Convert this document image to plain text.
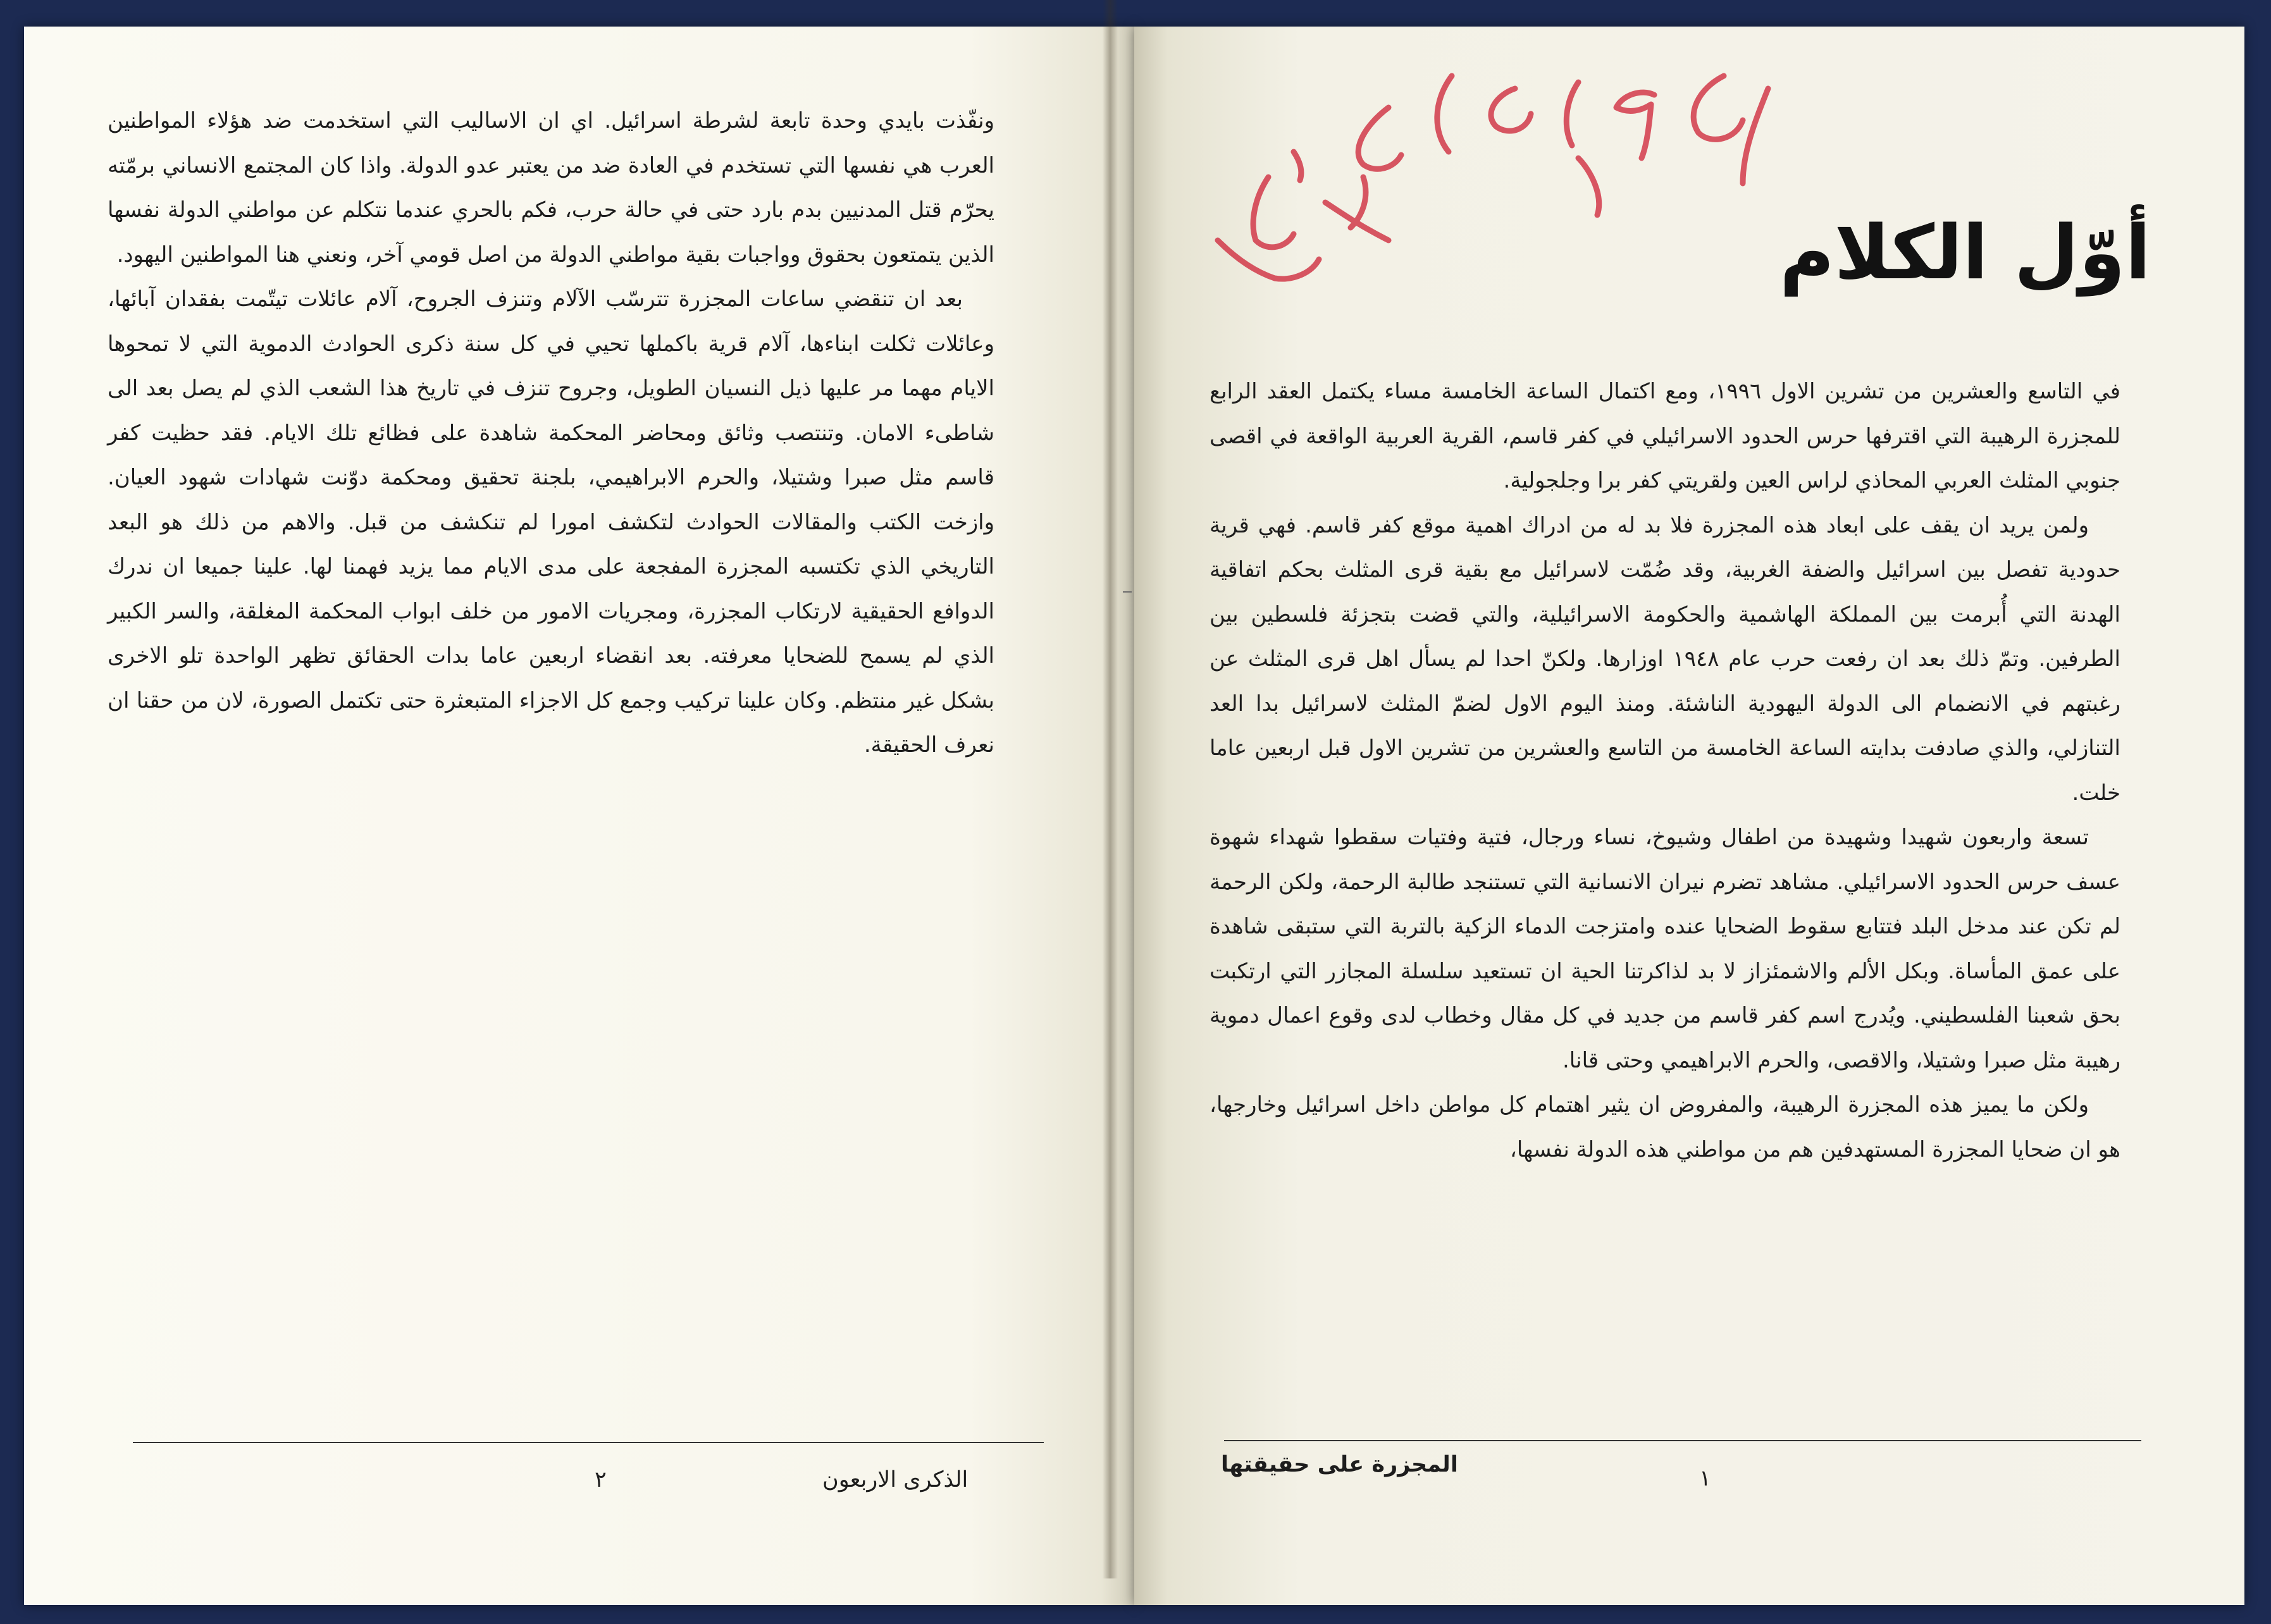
ونفّذت بايدي وحدة تابعة لشرطة اسرائيل. اي ان الاساليب التي استخدمت ضد هؤلاء المواطنين العرب هي نفسها التي تستخدم في العادة ضد من يعتبر عدو الدولة. واذا كان المجتمع الانساني برمّته يحرّم قتل المدنيين بدم بارد حتى في حالة حرب، فكم بالحري عندما نتكلم عن مواطني الدولة نفسها الذين يتمتعون بحقوق وواجبات بقية مواطني الدولة من اصل قومي آخر، ونعني هنا المواطنين اليهود.

بعد ان تنقضي ساعات المجزرة تترسّب الآلام وتنزف الجروح، آلام عائلات تيتّمت بفقدان آبائها، وعائلات ثكلت ابناءها، آلام قرية باكملها تحيي في كل سنة ذكرى الحوادث الدموية التي لا تمحوها الايام مهما مر عليها ذيل النسيان الطويل، وجروح تنزف في تاريخ هذا الشعب الذي لم يصل بعد الى شاطىء الامان. وتنتصب وثائق ومحاضر المحكمة شاهدة على فظائع تلك الايام. فقد حظيت كفر قاسم مثل صبرا وشتيلا، والحرم الابراهيمي، بلجنة تحقيق ومحكمة دوّنت شهادات شهود العيان. وازخت الكتب والمقالات الحوادث لتكشف امورا لم تنكشف من قبل. والاهم من ذلك هو البعد التاريخي الذي تكتسبه المجزرة المفجعة على مدى الايام مما يزيد فهمنا لها. علينا جميعا ان ندرك الدوافع الحقيقية لارتكاب المجزرة، ومجريات الامور من خلف ابواب المحكمة المغلقة، والسر الكبير الذي لم يسمح للضحايا معرفته. بعد انقضاء اربعين عاما بدات الحقائق تظهر الواحدة تلو الاخرى بشكل غير منتظم. وكان علينا تركيب وجمع كل الاجزاء المتبعثرة حتى تكتمل الصورة، لان من حقنا ان نعرف الحقيقة.

الذكرى الاربعون
٢
أوّل الكلام

في التاسع والعشرين من تشرين الاول ١٩٩٦، ومع اكتمال الساعة الخامسة مساء يكتمل العقد الرابع للمجزرة الرهيبة التي اقترفها حرس الحدود الاسرائيلي في كفر قاسم، القرية العربية الواقعة في اقصى جنوبي المثلث العربي المحاذي لراس العين ولقريتي كفر برا وجلجولية.

ولمن يريد ان يقف على ابعاد هذه المجزرة فلا بد له من ادراك اهمية موقع كفر قاسم. فهي قرية حدودية تفصل بين اسرائيل والضفة الغربية، وقد ضُمّت لاسرائيل مع بقية قرى المثلث بحكم اتفاقية الهدنة التي أُبرمت بين المملكة الهاشمية والحكومة الاسرائيلية، والتي قضت بتجزئة فلسطين بين الطرفين. وتمّ ذلك بعد ان رفعت حرب عام ١٩٤٨ اوزارها. ولكنّ احدا لم يسأل اهل قرى المثلث عن رغبتهم في الانضمام الى الدولة اليهودية الناشئة. ومنذ اليوم الاول لضمّ المثلث لاسرائيل بدا العد التنازلي، والذي صادفت بدايته الساعة الخامسة من التاسع والعشرين من تشرين الاول قبل اربعين عاما خلت.

تسعة واربعون شهيدا وشهيدة من اطفال وشيوخ، نساء ورجال، فتية وفتيات سقطوا شهداء شهوة عسف حرس الحدود الاسرائيلي. مشاهد تضرم نيران الانسانية التي تستنجد طالبة الرحمة، ولكن الرحمة لم تكن عند مدخل البلد فتتابع سقوط الضحايا عنده وامتزجت الدماء الزكية بالتربة التي ستبقى شاهدة على عمق المأساة. وبكل الألم والاشمئزاز لا بد لذاكرتنا الحية ان تستعيد سلسلة المجازر التي ارتكبت بحق شعبنا الفلسطيني. ويُدرج اسم كفر قاسم من جديد في كل مقال وخطاب لدى وقوع اعمال دموية رهيبة مثل صبرا وشتيلا، والاقصى، والحرم الابراهيمي وحتى قانا.

ولكن ما يميز هذه المجزرة الرهيبة، والمفروض ان يثير اهتمام كل مواطن داخل اسرائيل وخارجها، هو ان ضحايا المجزرة المستهدفين هم من مواطني هذه الدولة نفسها،

المجزرة على حقيقتها
١
